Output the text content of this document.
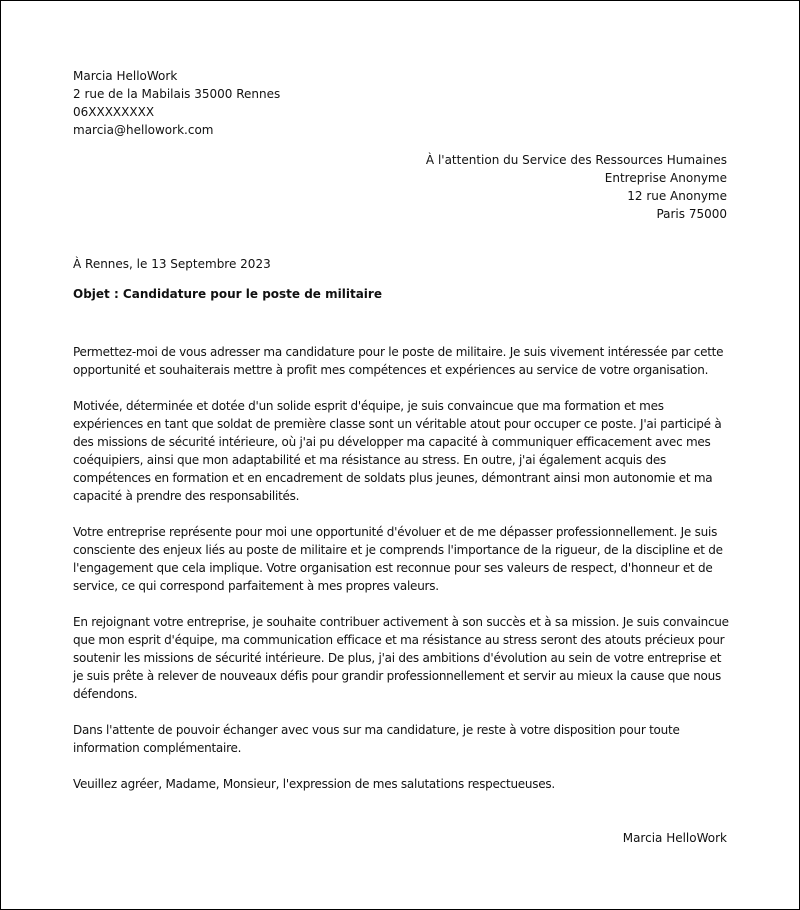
Marcia HelloWork
2 rue de la Mabilais 35000 Rennes
06XXXXXXXX
marcia@hellowork.com
À l'attention du Service des Ressources Humaines
Entreprise Anonyme
12 rue Anonyme
Paris 75000
À Rennes, le 13 Septembre 2023
Objet : Candidature pour le poste de militaire

Permettez-moi de vous adresser ma candidature pour le poste de militaire. Je suis vivement intéressée par cette opportunité et souhaiterais mettre à profit mes compétences et expériences au service de votre organisation.

Motivée, déterminée et dotée d'un solide esprit d'équipe, je suis convaincue que ma formation et mes expériences en tant que soldat de première classe sont un véritable atout pour occuper ce poste. J'ai participé à des missions de sécurité intérieure, où j'ai pu développer ma capacité à communiquer efficacement avec mes coéquipiers, ainsi que mon adaptabilité et ma résistance au stress. En outre, j'ai également acquis des compétences en formation et en encadrement de soldats plus jeunes, démontrant ainsi mon autonomie et ma capacité à prendre des responsabilités.

Votre entreprise représente pour moi une opportunité d'évoluer et de me dépasser professionnellement. Je suis consciente des enjeux liés au poste de militaire et je comprends l'importance de la rigueur, de la discipline et de l'engagement que cela implique. Votre organisation est reconnue pour ses valeurs de respect, d'honneur et de service, ce qui correspond parfaitement à mes propres valeurs.

En rejoignant votre entreprise, je souhaite contribuer activement à son succès et à sa mission. Je suis convaincue que mon esprit d'équipe, ma communication efficace et ma résistance au stress seront des atouts précieux pour soutenir les missions de sécurité intérieure. De plus, j'ai des ambitions d'évolution au sein de votre entreprise et je suis prête à relever de nouveaux défis pour grandir professionnellement et servir au mieux la cause que nous défendons.

Dans l'attente de pouvoir échanger avec vous sur ma candidature, je reste à votre disposition pour toute information complémentaire.

Veuillez agréer, Madame, Monsieur, l'expression de mes salutations respectueuses.

Marcia HelloWork
